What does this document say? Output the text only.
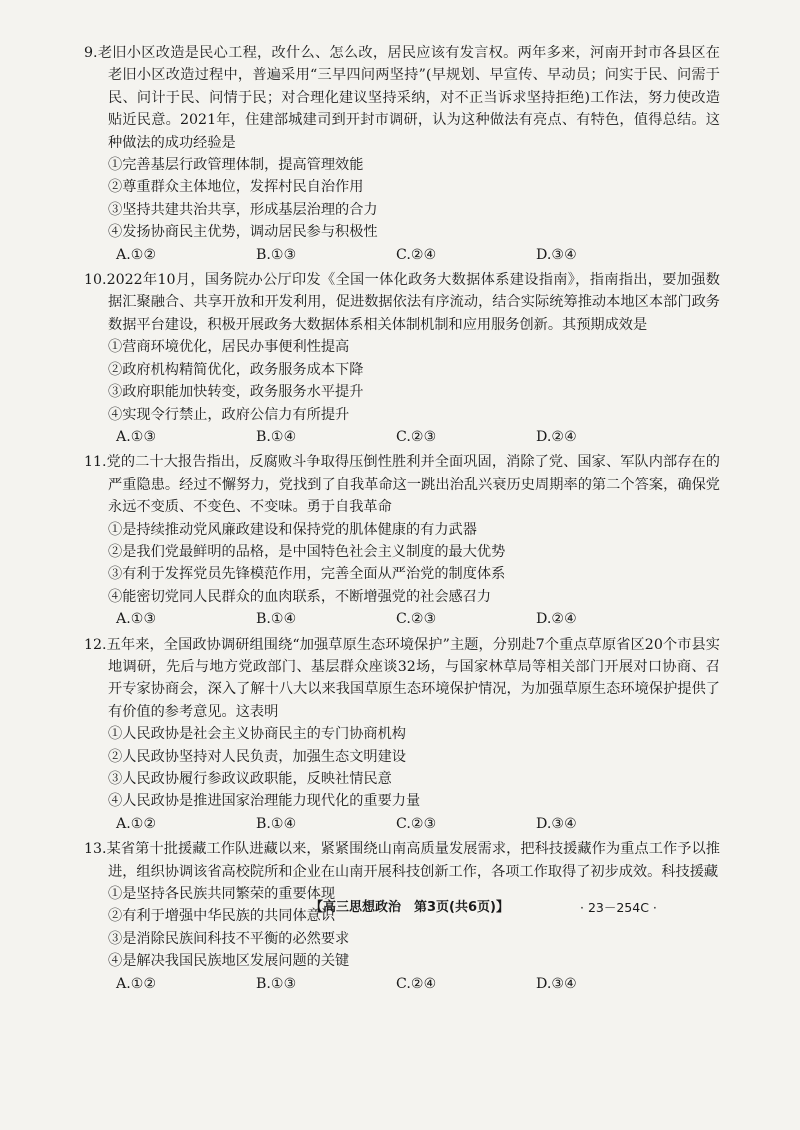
9.老旧小区改造是民心工程，改什么、怎么改，居民应该有发言权。两年多来，河南开封市各县区在老旧小区改造过程中，普遍采用“三早四问两坚持”(早规划、早宣传、早动员；问实于民、问需于民、问计于民、问情于民；对合理化建议坚持采纳，对不正当诉求坚持拒绝)工作法，努力使改造贴近民意。2021年，住建部城建司到开封市调研，认为这种做法有亮点、有特色，值得总结。这种做法的成功经验是

①完善基层行政管理体制，提高管理效能

②尊重群众主体地位，发挥村民自治作用

③坚持共建共治共享，形成基层治理的合力

④发扬协商民主优势，调动居民参与积极性

A.①②	B.①③	C.②④	D.③④

10.2022年10月，国务院办公厅印发《全国一体化政务大数据体系建设指南》，指南指出，要加强数据汇聚融合、共享开放和开发利用，促进数据依法有序流动，结合实际统筹推动本地区本部门政务数据平台建设，积极开展政务大数据体系相关体制机制和应用服务创新。其预期成效是

①营商环境优化，居民办事便利性提高

②政府机构精简优化，政务服务成本下降

③政府职能加快转变，政务服务水平提升

④实现令行禁止，政府公信力有所提升

A.①③	B.①④	C.②③	D.②④

11.党的二十大报告指出，反腐败斗争取得压倒性胜利并全面巩固，消除了党、国家、军队内部存在的严重隐患。经过不懈努力，党找到了自我革命这一跳出治乱兴衰历史周期率的第二个答案，确保党永远不变质、不变色、不变味。勇于自我革命

①是持续推动党风廉政建设和保持党的肌体健康的有力武器

②是我们党最鲜明的品格，是中国特色社会主义制度的最大优势

③有利于发挥党员先锋模范作用，完善全面从严治党的制度体系

④能密切党同人民群众的血肉联系，不断增强党的社会感召力

A.①③	B.①④	C.②③	D.②④

12.五年来，全国政协调研组围绕“加强草原生态环境保护”主题，分别赴7个重点草原省区20个市县实地调研，先后与地方党政部门、基层群众座谈32场，与国家林草局等相关部门开展对口协商、召开专家协商会，深入了解十八大以来我国草原生态环境保护情况，为加强草原生态环境保护提供了有价值的参考意见。这表明

①人民政协是社会主义协商民主的专门协商机构

②人民政协坚持对人民负责，加强生态文明建设

③人民政协履行参政议政职能，反映社情民意

④人民政协是推进国家治理能力现代化的重要力量

A.①②	B.①④	C.②③	D.③④

13.某省第十批援藏工作队进藏以来，紧紧围绕山南高质量发展需求，把科技援藏作为重点工作予以推进，组织协调该省高校院所和企业在山南开展科技创新工作，各项工作取得了初步成效。科技援藏

①是坚持各民族共同繁荣的重要体现

②有利于增强中华民族的共同体意识

③是消除民族间科技不平衡的必然要求

④是解决我国民族地区发展问题的关键

A.①②	B.①③	C.②④	D.③④
【高三思想政治　第3页(共6页)】	· 23－254C ·
